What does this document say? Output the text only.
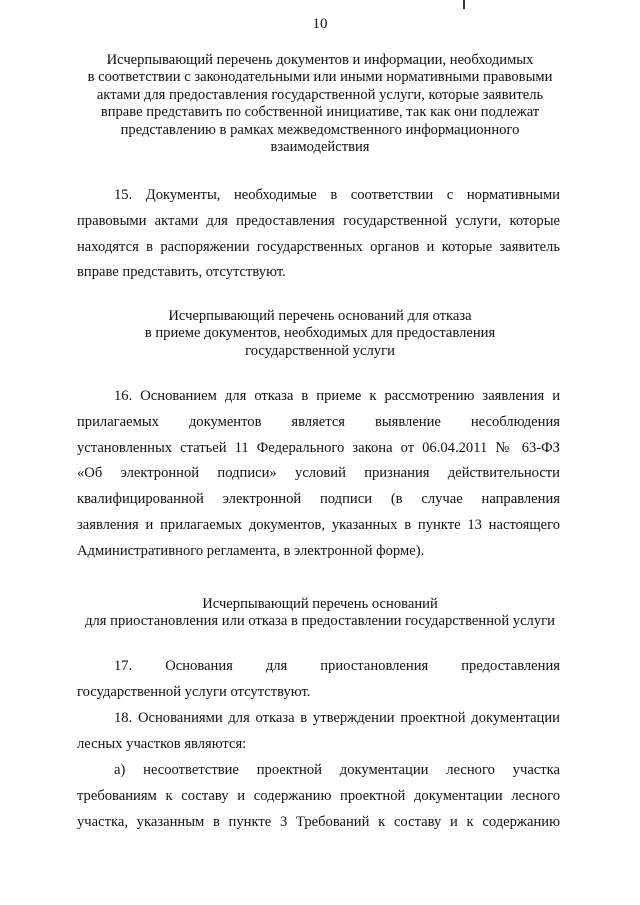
10
Исчерпывающий перечень документов и информации, необходимых
в соответствии с законодательными или иными нормативными правовыми
актами для предоставления государственной услуги, которые заявитель
вправе представить по собственной инициативе, так как они подлежат
представлению в рамках межведомственного информационного
взаимодействия
15. Документы, необходимые в соответствии с нормативными
правовыми актами для предоставления государственной услуги, которые
находятся в распоряжении государственных органов и которые заявитель
вправе представить, отсутствуют.
Исчерпывающий перечень оснований для отказа
в приеме документов, необходимых для предоставления
государственной услуги
16. Основанием для отказа в приеме к рассмотрению заявления и
прилагаемых документов является выявление несоблюдения
установленных статьей 11 Федерального закона от 06.04.2011 № 63-ФЗ
«Об электронной подписи» условий признания действительности
квалифицированной электронной подписи (в случае направления
заявления и прилагаемых документов, указанных в пункте 13 настоящего
Административного регламента, в электронной форме).
Исчерпывающий перечень оснований
для приостановления или отказа в предоставлении государственной услуги
17. Основания для приостановления предоставления
государственной услуги отсутствуют.
18. Основаниями для отказа в утверждении проектной документации
лесных участков являются:
а) несоответствие проектной документации лесного участка
требованиям к составу и содержанию проектной документации лесного
участка, указанным в пункте 3 Требований к составу и к содержанию
